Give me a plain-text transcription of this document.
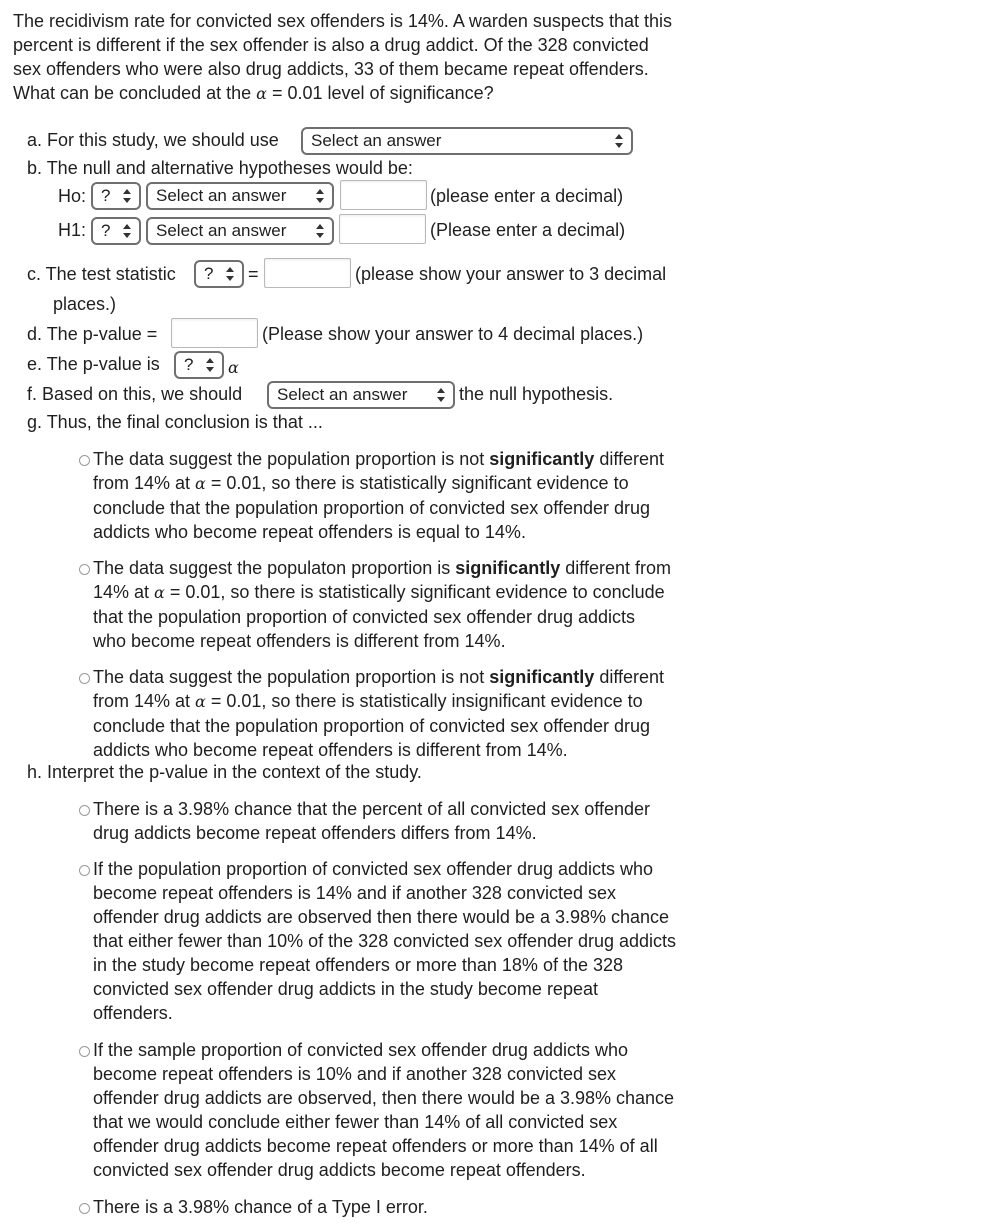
The recidivism rate for convicted sex offenders is 14%. A warden suspects that this
percent is different if the sex offender is also a drug addict. Of the 328 convicted
sex offenders who were also drug addicts, 33 of them became repeat offenders.
What can be concluded at the α = 0.01 level of significance?
a. For this study, we should use	Select an answer
b. The null and alternative hypotheses would be:
Ho: ?	Select an answer	(please enter a decimal)
H1: ?	Select an answer	(Please enter a decimal)
c. The test statistic	?	=	(please show your answer to 3 decimal
places.)
d. The p-value =	(Please show your answer to 4 decimal places.)
e. The p-value is	?	α
f. Based on this, we should	Select an answer	the null hypothesis.
g. Thus, the final conclusion is that ...
The data suggest the population proportion is not significantly different
from 14% at α = 0.01, so there is statistically significant evidence to
conclude that the population proportion of convicted sex offender drug
addicts who become repeat offenders is equal to 14%.
The data suggest the populaton proportion is significantly different from
14% at α = 0.01, so there is statistically significant evidence to conclude
that the population proportion of convicted sex offender drug addicts
who become repeat offenders is different from 14%.
The data suggest the population proportion is not significantly different
from 14% at α = 0.01, so there is statistically insignificant evidence to
conclude that the population proportion of convicted sex offender drug
addicts who become repeat offenders is different from 14%.
h. Interpret the p-value in the context of the study.
There is a 3.98% chance that the percent of all convicted sex offender
drug addicts become repeat offenders differs from 14%.
If the population proportion of convicted sex offender drug addicts who
become repeat offenders is 14% and if another 328 convicted sex
offender drug addicts are observed then there would be a 3.98% chance
that either fewer than 10% of the 328 convicted sex offender drug addicts
in the study become repeat offenders or more than 18% of the 328
convicted sex offender drug addicts in the study become repeat
offenders.
If the sample proportion of convicted sex offender drug addicts who
become repeat offenders is 10% and if another 328 convicted sex
offender drug addicts are observed, then there would be a 3.98% chance
that we would conclude either fewer than 14% of all convicted sex
offender drug addicts become repeat offenders or more than 14% of all
convicted sex offender drug addicts become repeat offenders.
There is a 3.98% chance of a Type I error.
